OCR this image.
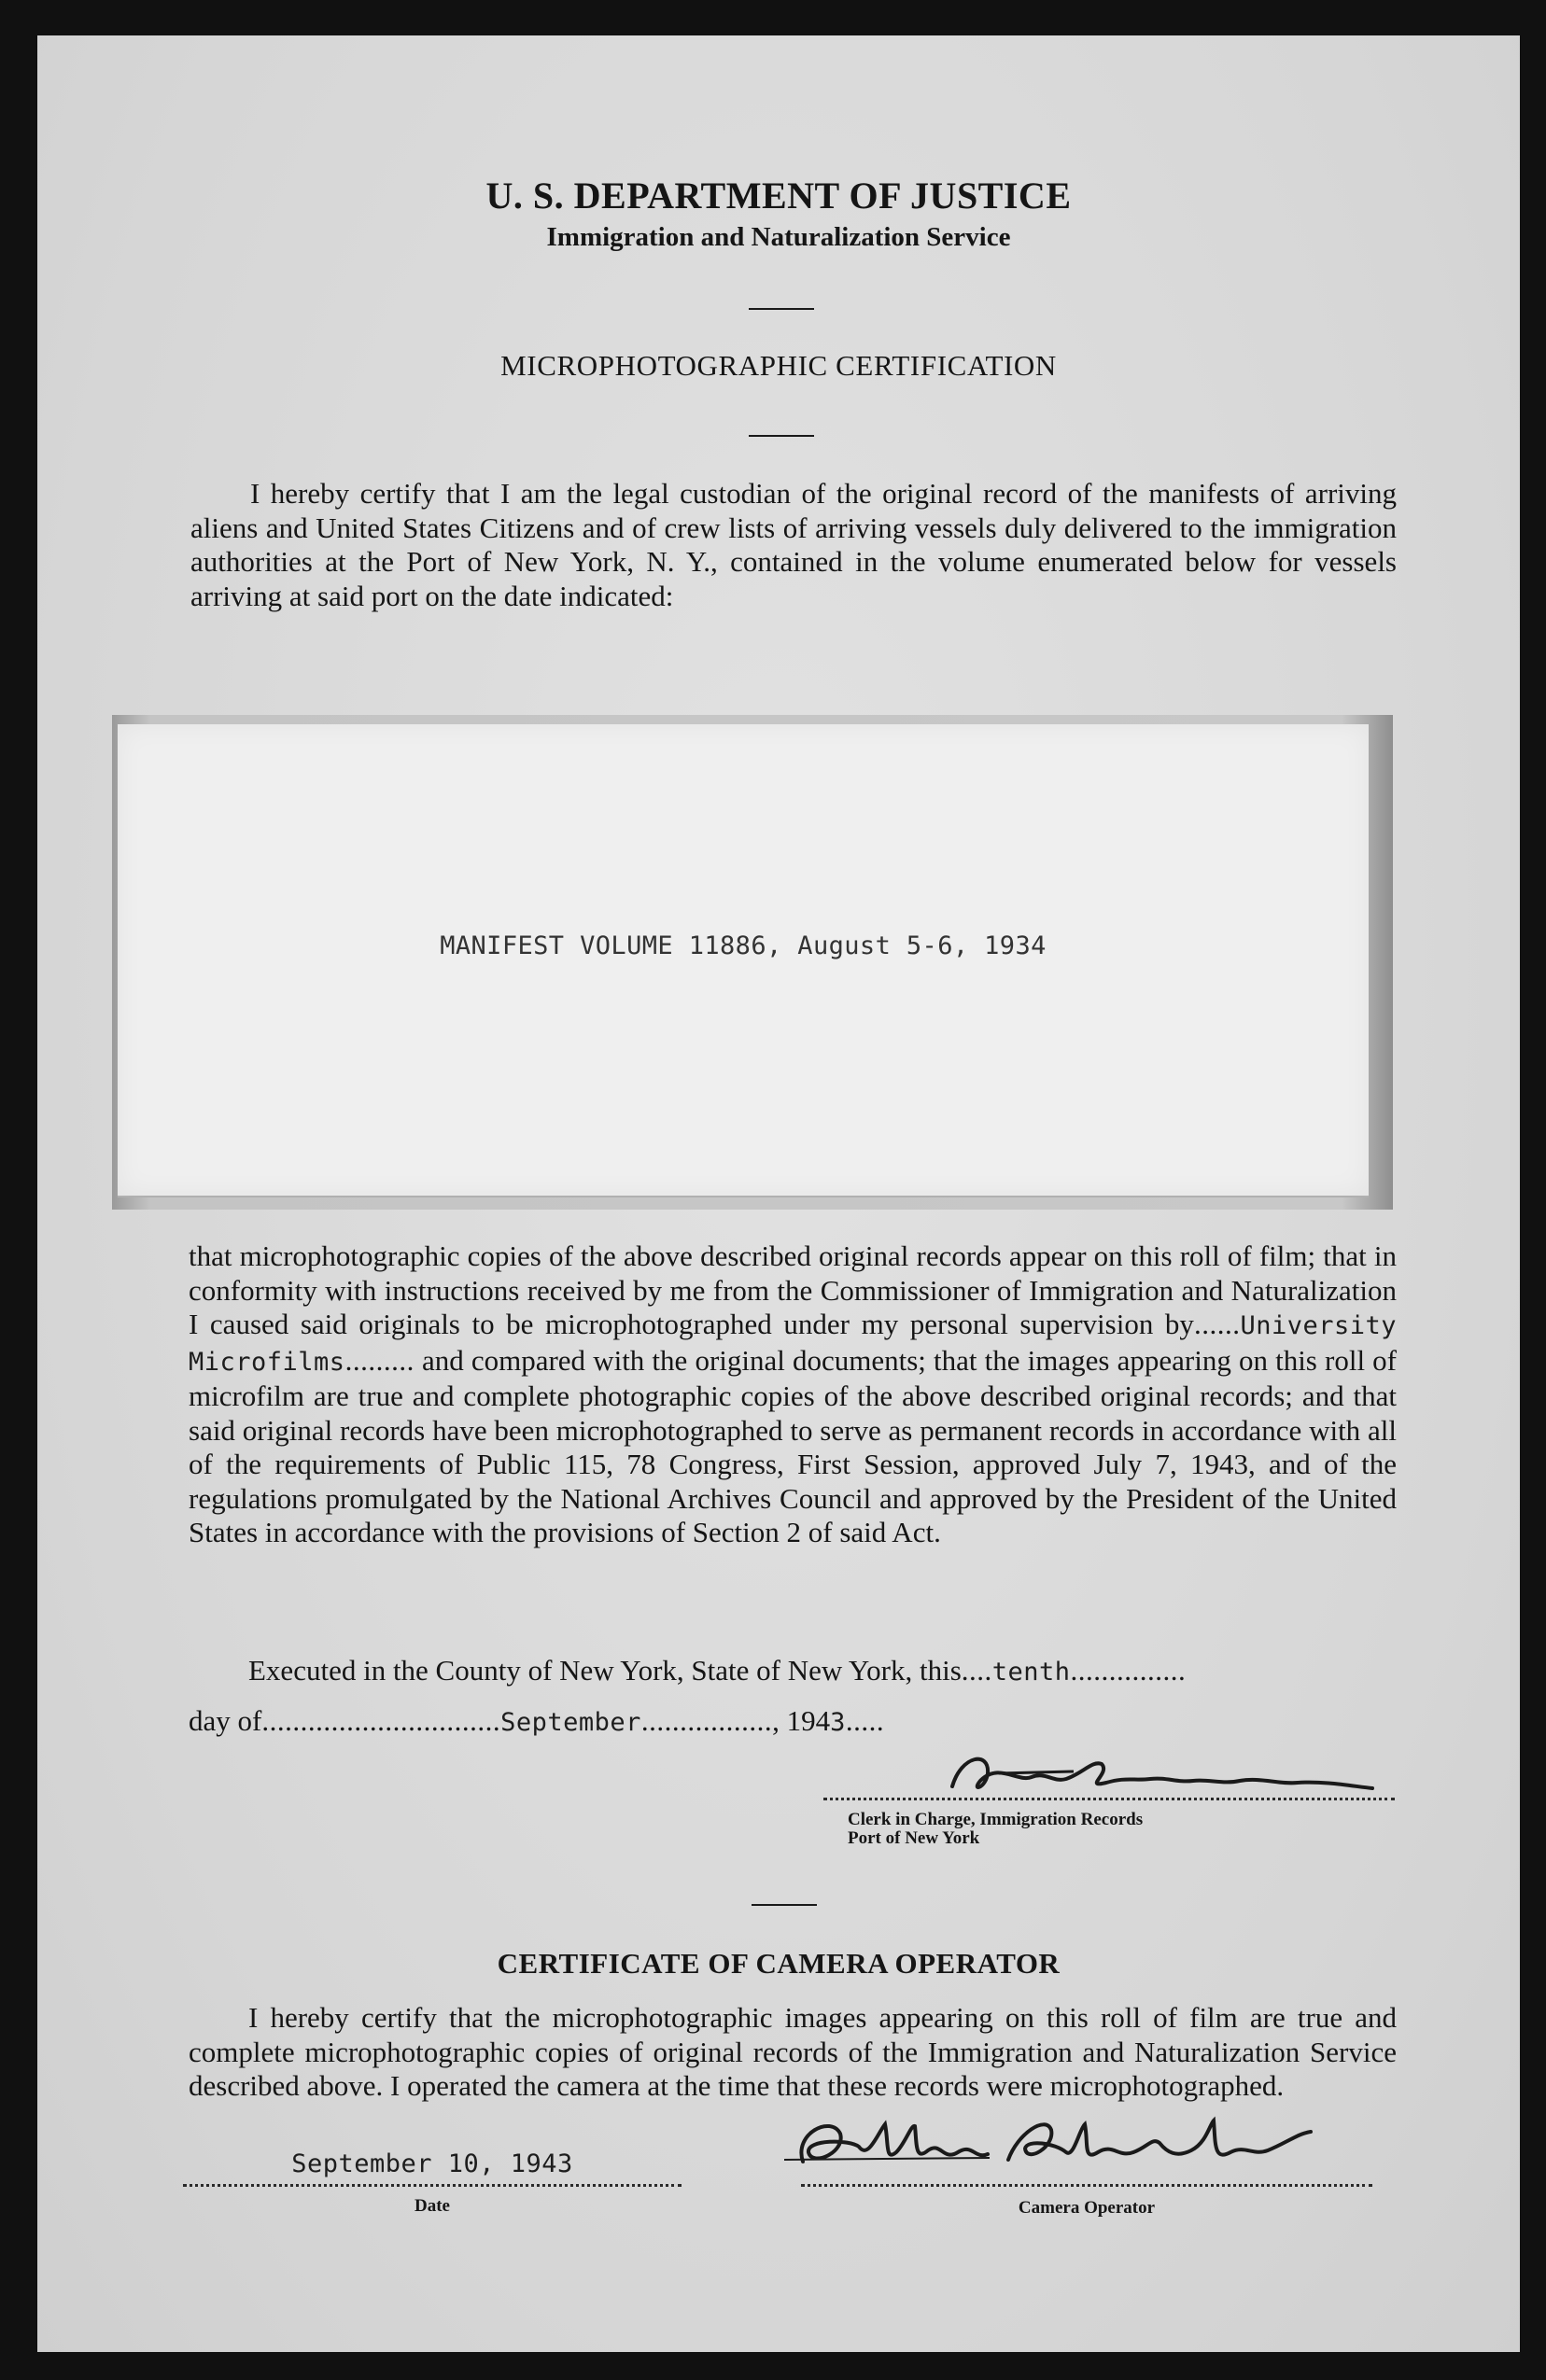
U. S. DEPARTMENT OF JUSTICE
Immigration and Naturalization Service
MICROPHOTOGRAPHIC CERTIFICATION

I hereby certify that I am the legal custodian of the original record of the manifests of arriving aliens and United States Citizens and of crew lists of arriving vessels duly delivered to the immigration authorities at the Port of New York, N. Y., contained in the volume enumerated below for vessels arriving at said port on the date indicated:

MANIFEST VOLUME 11886, August 5-6, 1934

that microphotographic copies of the above described original records appear on this roll of film; that in conformity with instructions received by me from the Commissioner of Immigration and Naturalization I caused said originals to be microphotographed under my personal supervision by......University Microfilms......... and compared with the original documents; that the images appearing on this roll of microfilm are true and complete photographic copies of the above described original records; and that said original records have been microphotographed to serve as permanent records in accordance with all of the requirements of Public 115, 78 Congress, First Session, approved July 7, 1943, and of the regulations promulgated by the National Archives Council and approved by the President of the United States in accordance with the provisions of Section 2 of said Act.

Executed in the County of New York, State of New York, this....tenth...............

day of...............................September................., 1943.....
Clerk in Charge, Immigration Records
Port of New York
CERTIFICATE OF CAMERA OPERATOR

I hereby certify that the microphotographic images appearing on this roll of film are true and complete microphotographic copies of original records of the Immigration and Naturalization Service described above. I operated the camera at the time that these records were microphotographed.

September 10, 1943
Date	Camera Operator
